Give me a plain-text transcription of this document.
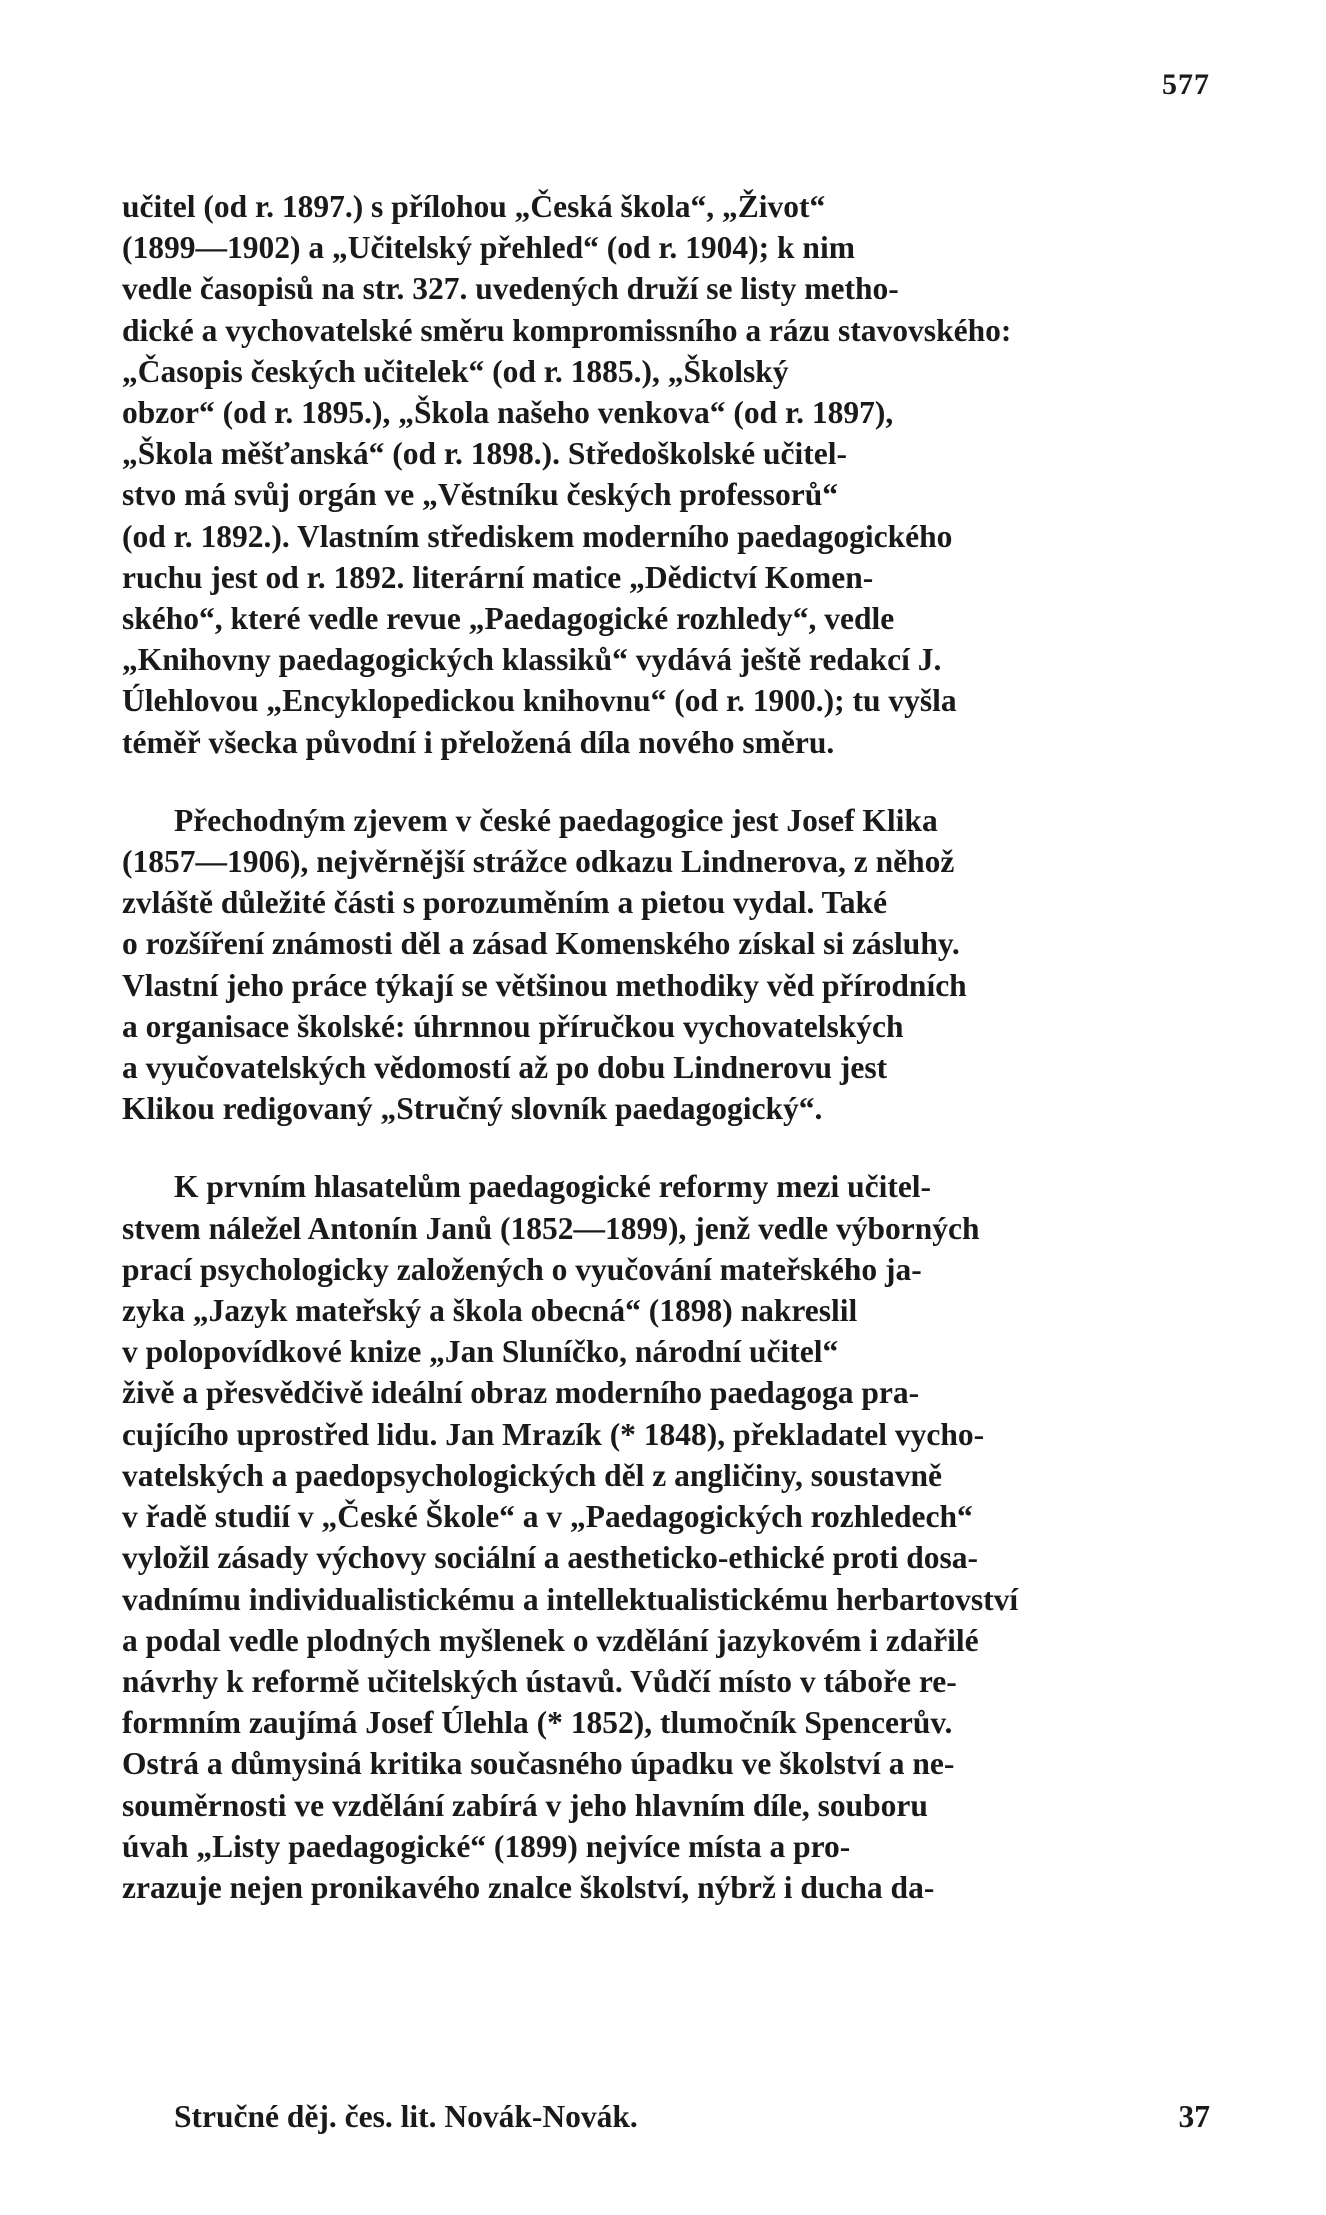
577

učitel (od r. 1897.) s přílohou „Česká škola“, „Život“
(1899—1902) a „Učitelský přehled“ (od r. 1904); k nim
vedle časopisů na str. 327. uvedených druží se listy metho-
dické a vychovatelské směru kompromissního a rázu stavovského:
„Časopis českých učitelek“ (od r. 1885.), „Školský
obzor“ (od r. 1895.), „Škola našeho venkova“ (od r. 1897),
„Škola měšťanská“ (od r. 1898.). Středoškolské učitel-
stvo má svůj orgán ve „Věstníku českých professorů“
(od r. 1892.). Vlastním střediskem moderního paedagogického
ruchu jest od r. 1892. literární matice „Dědictví Komen-
ského“, které vedle revue „Paedagogické rozhledy“, vedle
„Knihovny paedagogických klassiků“ vydává ještě redakcí J.
Úlehlovou „Encyklopedickou knihovnu“ (od r. 1900.); tu vyšla
téměř všecka původní i přeložená díla nového směru.

Přechodným zjevem v české paedagogice jest Josef Klika
(1857—1906), nejvěrnější strážce odkazu Lindnerova, z něhož
zvláště důležité části s porozuměním a pietou vydal. Také
o rozšíření známosti děl a zásad Komenského získal si zásluhy.
Vlastní jeho práce týkají se většinou methodiky věd přírodních
a organisace školské: úhrnnou příručkou vychovatelských
a vyučovatelských vědomostí až po dobu Lindnerovu jest
Klikou redigovaný „Stručný slovník paedagogický“.

K prvním hlasatelům paedagogické reformy mezi učitel-
stvem náležel Antonín Janů (1852—1899), jenž vedle výborných
prací psychologicky založených o vyučování mateřského ja-
zyka „Jazyk mateřský a škola obecná“ (1898) nakreslil
v polopovídkové knize „Jan Sluníčko, národní učitel“
živě a přesvědčivě ideální obraz moderního paedagoga pra-
cujícího uprostřed lidu. Jan Mrazík (* 1848), překladatel vycho-
vatelských a paedopsychologických děl z angličiny, soustavně
v řadě studií v „České Škole“ a v „Paedagogických rozhledech“
vyložil zásady výchovy sociální a aestheticko-ethické proti dosa-
vadnímu individualistickému a intellektualistickému herbartovství
a podal vedle plodných myšlenek o vzdělání jazykovém i zdařilé
návrhy k reformě učitelských ústavů. Vůdčí místo v táboře re-
formním zaujímá Josef Úlehla (* 1852), tlumočník Spencerův.
Ostrá a důmysiná kritika současného úpadku ve školství a ne-
souměrnosti ve vzdělání zabírá v jeho hlavním díle, souboru
úvah „Listy paedagogické“ (1899) nejvíce místa a pro-
zrazuje nejen pronikavého znalce školství, nýbrž i ducha da-

Stručné děj. čes. lit. Novák-Novák.	37
